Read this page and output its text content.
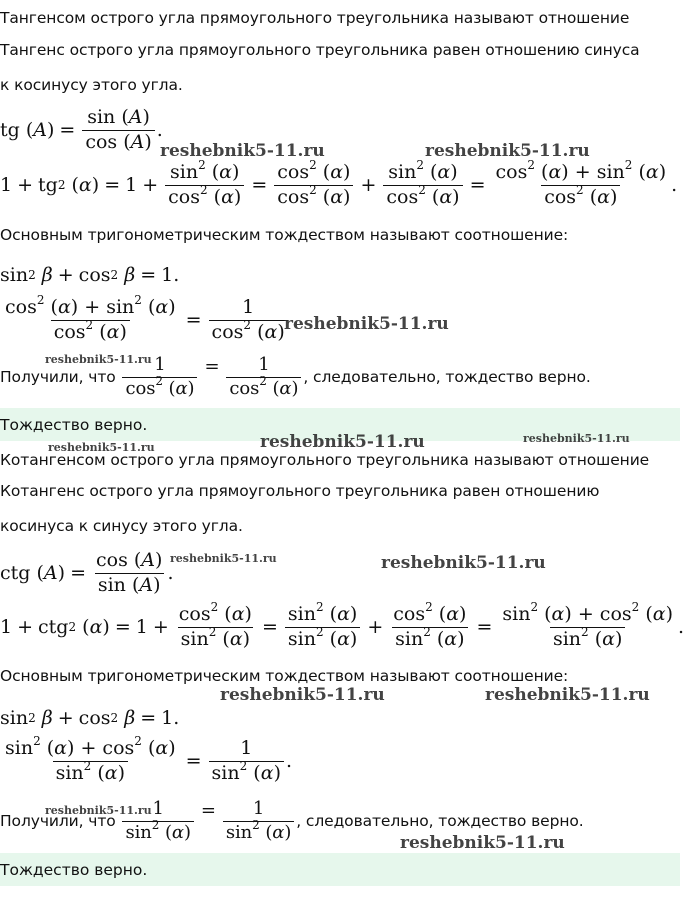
Тангенсом острого угла прямоугольного треугольника называют отношение
Тангенс острого угла прямоугольного треугольника равен отношению синуса
к косинусу этого угла.
tg ( A ) = $\frac{\sin (A)}{\cos (A)}$ .
1 + tg 2 ( α ) = $1 + \frac{\sin^2 (\alpha)}{\cos^2 (\alpha)} = \frac{\cos^2 (\alpha)}{\cos^2 (\alpha)} + \frac{\sin^2 (\alpha)}{\cos^2 (\alpha)} = \frac{\cos^2 (\alpha) + \sin^2 (\alpha)}{\cos^2 (\alpha)}$ .
Основным тригонометрическим тождеством называют соотношение:
sin 2
β + cos 2
β = 1.
$\frac{\cos^2 (\alpha) + \sin^2 (\alpha)}{\cos^2 (\alpha)} = \frac{1}{\cos^2 (\alpha)}$
Получили, что
$\frac{1}{\cos^2 (\alpha)} = \frac{1}{\cos^2 (\alpha)}$ , следовательно, тождество верно.
Тождество верно.
Котангенсом острого угла прямоугольного треугольника называют отношение
Котангенс острого угла прямоугольного треугольника равен отношению
косинуса к синусу этого угла.
ctg ( A ) = $\frac{\cos (A)}{\sin (A)}$ .
1 + ctg 2 ( α ) = $1 + \frac{\cos^2 (\alpha)}{\sin^2 (\alpha)} = \frac{\sin^2 (\alpha)}{\sin^2 (\alpha)} + \frac{\cos^2 (\alpha)}{\sin^2 (\alpha)} = \frac{\sin^2 (\alpha) + \cos^2 (\alpha)}{\sin^2 (\alpha)}$ .
Основным тригонометрическим тождеством называют соотношение:
sin 2
β + cos 2
β = 1.
$\frac{\sin^2 (\alpha) + \cos^2 (\alpha)}{\sin^2 (\alpha)} = \frac{1}{\sin^2 (\alpha)}$ .
Получили, что
$\frac{1}{\sin^2 (\alpha)} = \frac{1}{\sin^2 (\alpha)}$ , следовательно, тождество верно.
Тождество верно.
reshebnik5-11.ru	reshebnik5-11.ru
reshebnik5-11.ru
reshebnik5-11.ru
reshebnik5-11.ru	reshebnik5-11.ru	reshebnik5-11.ru
reshebnik5-11.ru	reshebnik5-11.ru
reshebnik5-11.ru	reshebnik5-11.ru
reshebnik5-11.ru
reshebnik5-11.ru
